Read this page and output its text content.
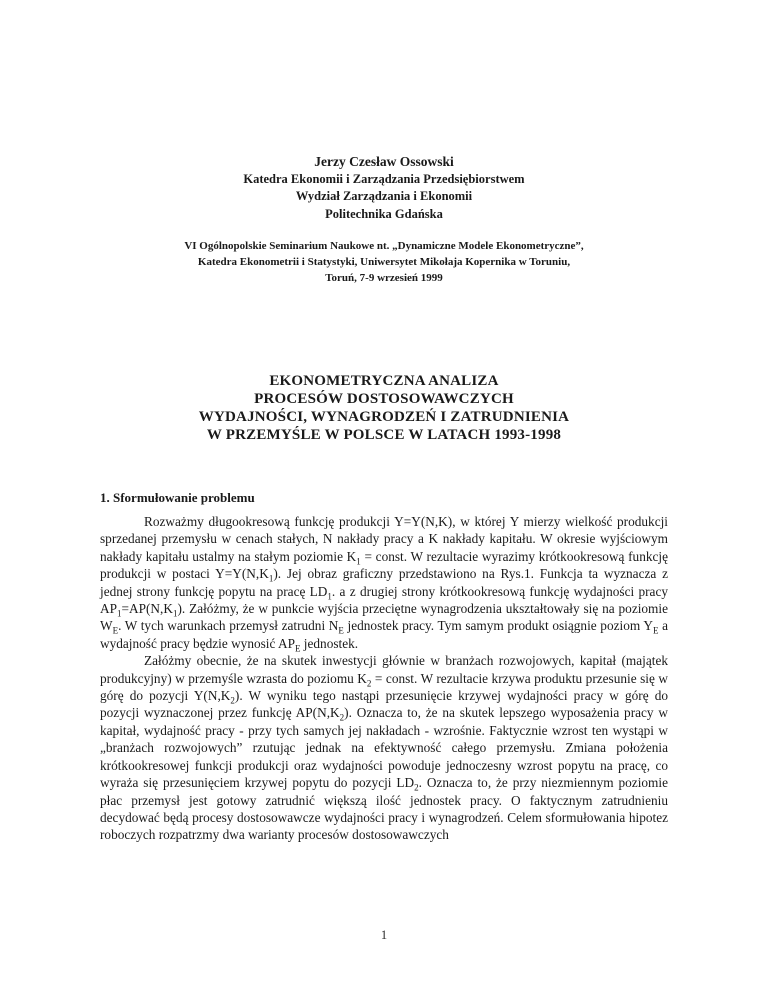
Jerzy Czesław Ossowski
Katedra Ekonomii i Zarządzania Przedsiębiorstwem
Wydział Zarządzania i Ekonomii
Politechnika Gdańska
VI Ogólnopolskie Seminarium Naukowe nt. „Dynamiczne Modele Ekonometryczne”,
Katedra Ekonometrii i Statystyki, Uniwersytet Mikołaja Kopernika w Toruniu,
Toruń, 7-9 wrzesień 1999
EKONOMETRYCZNA ANALIZA
PROCESÓW DOSTOSOWAWCZYCH
WYDAJNOŚCI, WYNAGRODZEŃ I ZATRUDNIENIA
W PRZEMYŚLE W POLSCE W LATACH 1993-1998
1. Sformułowanie problemu

Rozważmy długookresową funkcję produkcji Y=Y(N,K), w której Y mierzy wielkość produkcji sprzedanej przemysłu w cenach stałych, N nakłady pracy a K nakłady kapitału. W okresie wyjściowym nakłady kapitału ustalmy na stałym poziomie $K_1$ = const. W rezultacie wyrazimy krótkookresową funkcję produkcji w postaci $Y=Y(N,K_1)$. Jej obraz graficzny przedstawiono na Rys.1. Funkcja ta wyznacza z jednej strony funkcję popytu na pracę $LD_1$. a z drugiej strony krótkookresową funkcję wydajności pracy $AP_1=AP(N,K_1)$. Załóżmy, że w punkcie wyjścia przeciętne wynagrodzenia ukształtowały się na poziomie $W_E$. W tych warunkach przemysł zatrudni $N_E$ jednostek pracy. Tym samym produkt osiągnie poziom $Y_E$ a wydajność pracy będzie wynosić $AP_E$ jednostek.

Załóżmy obecnie, że na skutek inwestycji głównie w branżach rozwojowych, kapitał (majątek produkcyjny) w przemyśle wzrasta do poziomu $K_2$ = const. W rezultacie krzywa produktu przesunie się w górę do pozycji $Y(N,K_2)$. W wyniku tego nastąpi przesunięcie krzywej wydajności pracy w górę do pozycji wyznaczonej przez funkcję $AP(N,K_2)$. Oznacza to, że na skutek lepszego wyposażenia pracy w kapitał, wydajność pracy - przy tych samych jej nakładach - wzrośnie. Faktycznie wzrost ten wystąpi w „branżach rozwojowych” rzutując jednak na efektywność całego przemysłu. Zmiana położenia krótkookresowej funkcji produkcji oraz wydajności powoduje jednoczesny wzrost popytu na pracę, co wyraża się przesunięciem krzywej popytu do pozycji $LD_2$. Oznacza to, że przy niezmiennym poziomie płac przemysł jest gotowy zatrudnić większą ilość jednostek pracy. O faktycznym zatrudnieniu decydować będą procesy dostosowawcze wydajności pracy i wynagrodzeń. Celem sformułowania hipotez roboczych rozpatrzmy dwa warianty procesów dostosowawczych

1
